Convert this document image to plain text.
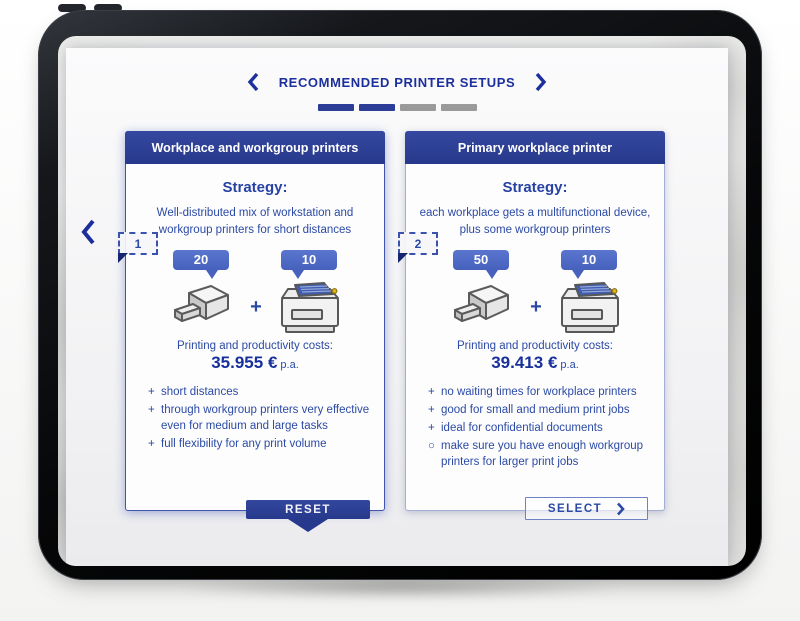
RECOMMENDED PRINTER SETUPS
Workplace and workgroup printers
Strategy:
Well-distributed mix of workstation and workgroup printers for short distances
20
+
10
Printing and productivity costs:
35.955 € p.a.
+ short distances
+ through workgroup printers very effective even for medium and large tasks
+ full flexibility for any print volume
Primary workplace printer
Strategy:
each workplace gets a multifunctional device, plus some workgroup printers
50
+
10
Printing and productivity costs:
39.413 € p.a.
+ no waiting times for workplace printers
+ good for small and medium print jobs
+ ideal for confidential documents
○ make sure you have enough workgroup printers for larger print jobs
1	2
RESET	SELECT
